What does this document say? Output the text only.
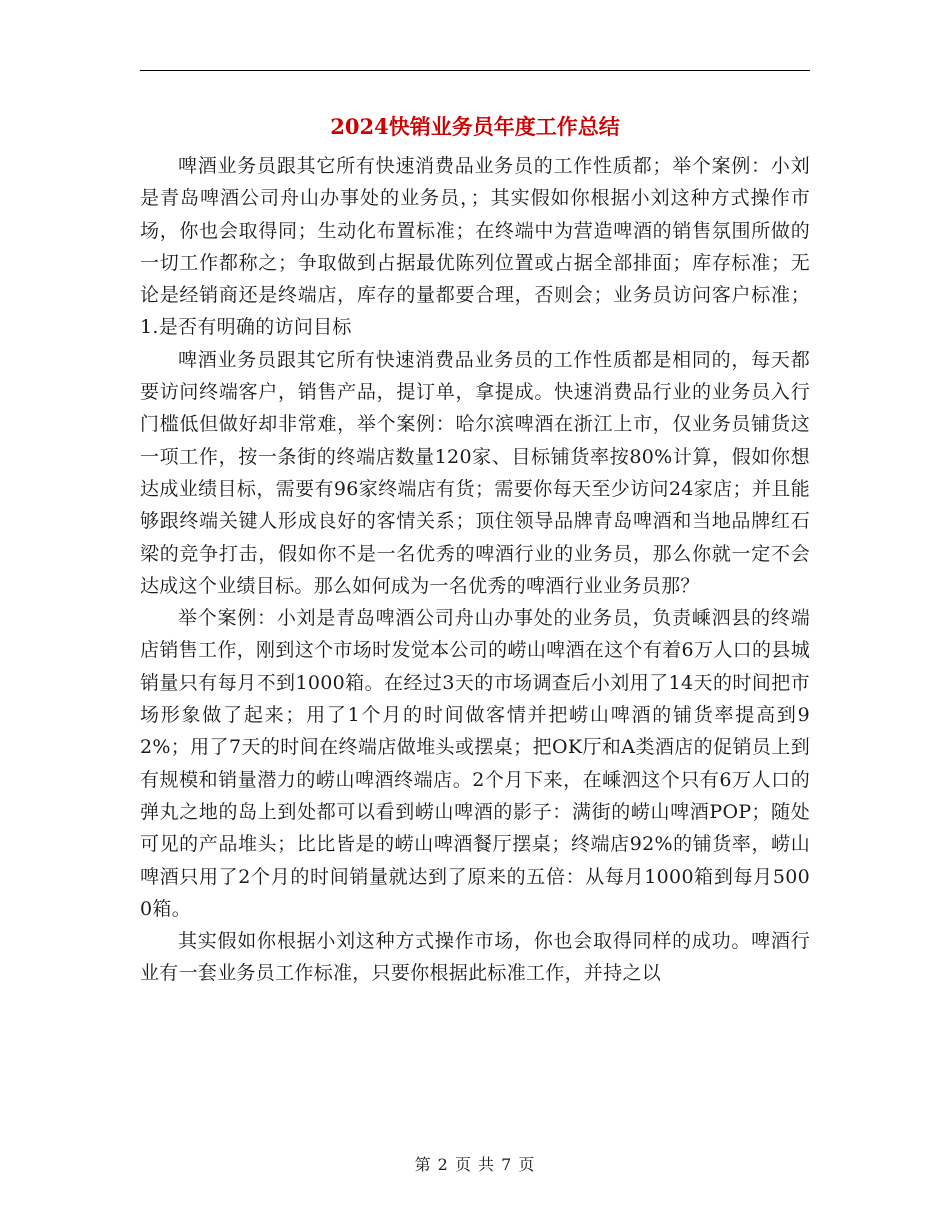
2024快销业务员年度工作总结

啤酒业务员跟其它所有快速消费品业务员的工作性质都；举个案例：小刘是青岛啤酒公司舟山办事处的业务员，；其实假如你根据小刘这种方式操作市场，你也会取得同；生动化布置标准；在终端中为营造啤酒的销售氛围所做的一切工作都称之；争取做到占据最优陈列位置或占据全部排面；库存标准；无论是经销商还是终端店，库存的量都要合理，否则会；业务员访问客户标准；1.是否有明确的访问目标

啤酒业务员跟其它所有快速消费品业务员的工作性质都是相同的，每天都要访问终端客户，销售产品，提订单，拿提成。快速消费品行业的业务员入行门槛低但做好却非常难，举个案例：哈尔滨啤酒在浙江上市，仅业务员铺货这一项工作，按一条街的终端店数量120家、目标铺货率按80%计算，假如你想达成业绩目标，需要有96家终端店有货；需要你每天至少访问24家店；并且能够跟终端关键人形成良好的客情关系；顶住领导品牌青岛啤酒和当地品牌红石梁的竞争打击，假如你不是一名优秀的啤酒行业的业务员，那么你就一定不会达成这个业绩目标。那么如何成为一名优秀的啤酒行业业务员那？

举个案例：小刘是青岛啤酒公司舟山办事处的业务员，负责嵊泗县的终端店销售工作，刚到这个市场时发觉本公司的崂山啤酒在这个有着6万人口的县城销量只有每月不到1000箱。在经过3天的市场调查后小刘用了14天的时间把市场形象做了起来；用了1个月的时间做客情并把崂山啤酒的铺货率提高到92%；用了7天的时间在终端店做堆头或摆桌；把OK厅和A类酒店的促销员上到有规模和销量潜力的崂山啤酒终端店。2个月下来，在嵊泗这个只有6万人口的弹丸之地的岛上到处都可以看到崂山啤酒的影子：满街的崂山啤酒POP；随处可见的产品堆头；比比皆是的崂山啤酒餐厅摆桌；终端店92%的铺货率，崂山啤酒只用了2个月的时间销量就达到了原来的五倍：从每月1000箱到每月5000箱。

其实假如你根据小刘这种方式操作市场，你也会取得同样的成功。啤酒行业有一套业务员工作标准，只要你根据此标准工作，并持之以

第 2 页 共 7 页
